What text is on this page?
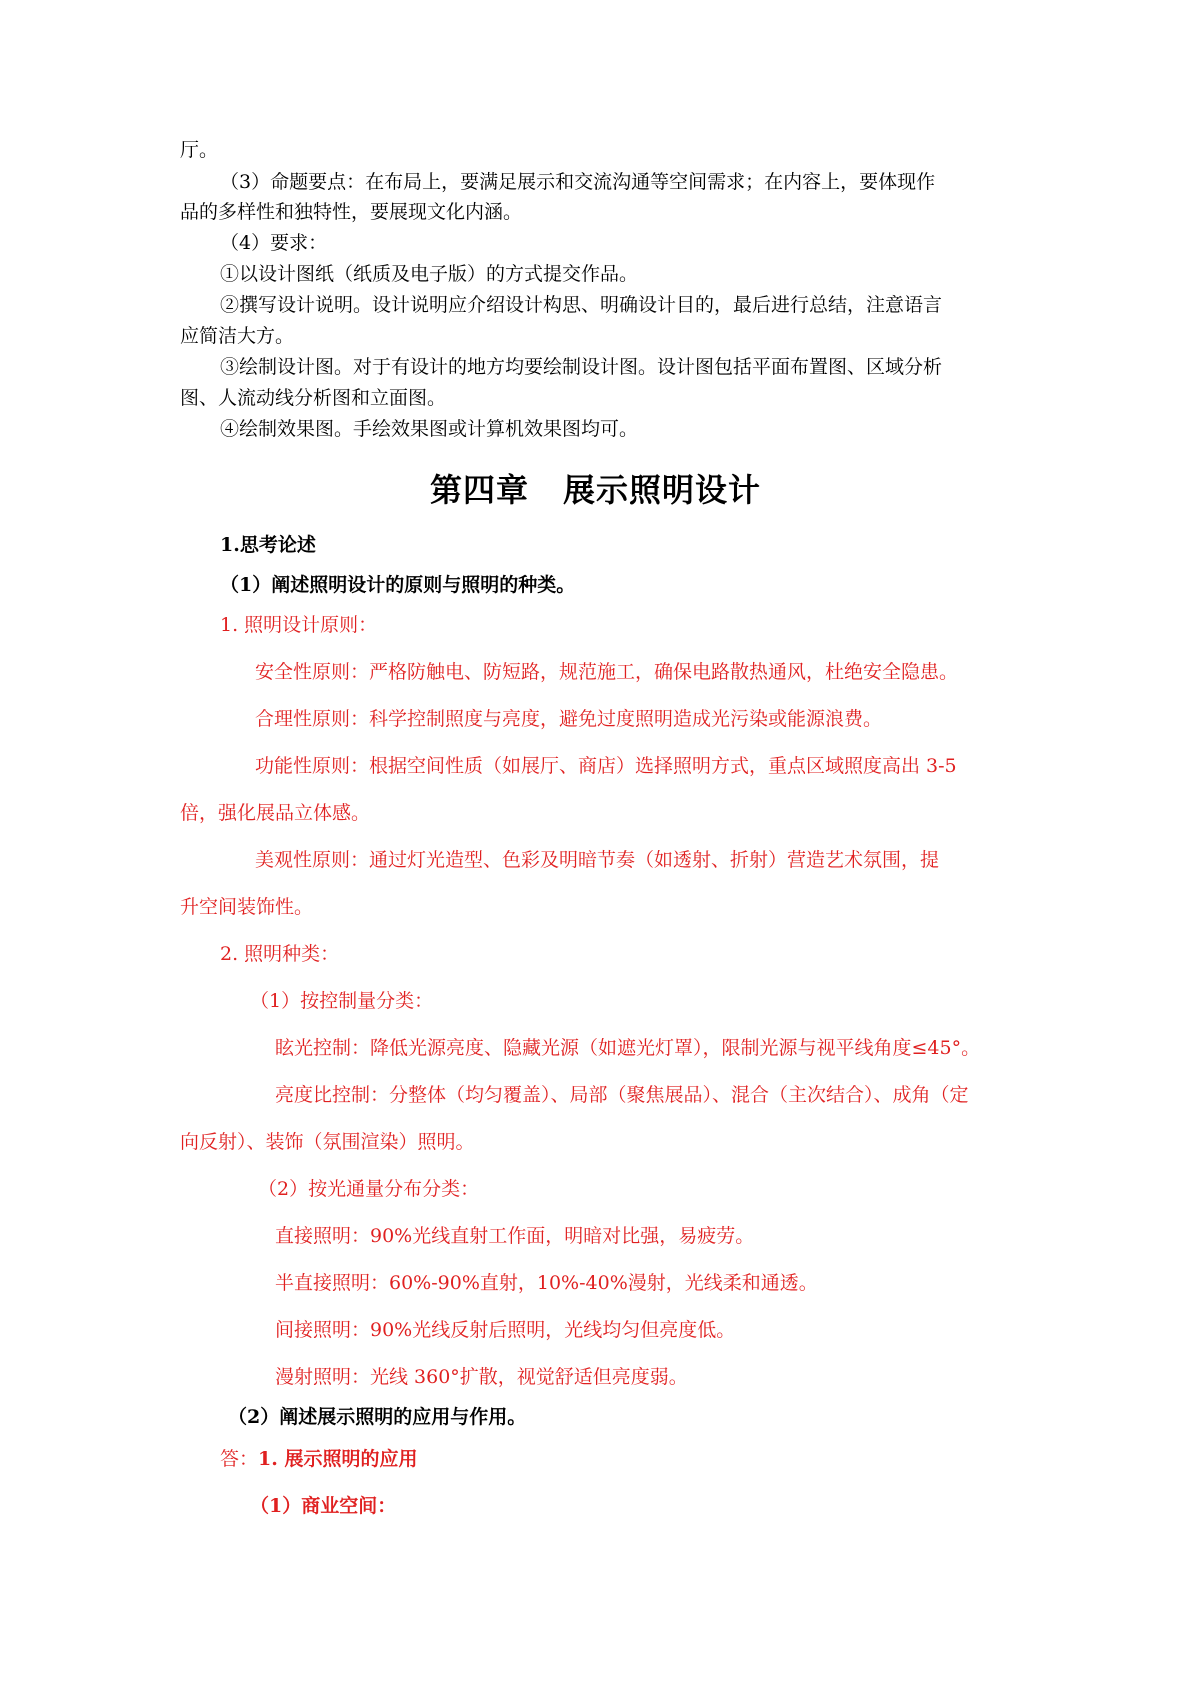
厅。
（3）命题要点：在布局上，要满足展示和交流沟通等空间需求；在内容上，要体现作
品的多样性和独特性，要展现文化内涵。
（4）要求：
①以设计图纸（纸质及电子版）的方式提交作品。
②撰写设计说明。设计说明应介绍设计构思、明确设计目的，最后进行总结，注意语言
应简洁大方。
③绘制设计图。对于有设计的地方均要绘制设计图。设计图包括平面布置图、区域分析
图、人流动线分析图和立面图。
④绘制效果图。手绘效果图或计算机效果图均可。
第四章 展示照明设计
1.思考论述
（1）阐述照明设计的原则与照明的种类。
1. 照明设计原则：
安全性原则：严格防触电、防短路，规范施工，确保电路散热通风，杜绝安全隐患。
合理性原则：科学控制照度与亮度，避免过度照明造成光污染或能源浪费。
功能性原则：根据空间性质（如展厅、商店）选择照明方式，重点区域照度高出 3-5
倍，强化展品立体感。
美观性原则：通过灯光造型、色彩及明暗节奏（如透射、折射）营造艺术氛围，提
升空间装饰性。
2. 照明种类：
（1）按控制量分类：
眩光控制：降低光源亮度、隐藏光源（如遮光灯罩），限制光源与视平线角度≤45°。
亮度比控制：分整体（均匀覆盖）、局部（聚焦展品）、混合（主次结合）、成角（定
向反射）、装饰（氛围渲染）照明。
（2）按光通量分布分类：
直接照明：90%光线直射工作面，明暗对比强，易疲劳。
半直接照明：60%-90%直射，10%-40%漫射，光线柔和通透。
间接照明：90%光线反射后照明，光线均匀但亮度低。
漫射照明：光线 360°扩散，视觉舒适但亮度弱。
（2）阐述展示照明的应用与作用。
答：1. 展示照明的应用
（1）商业空间：
